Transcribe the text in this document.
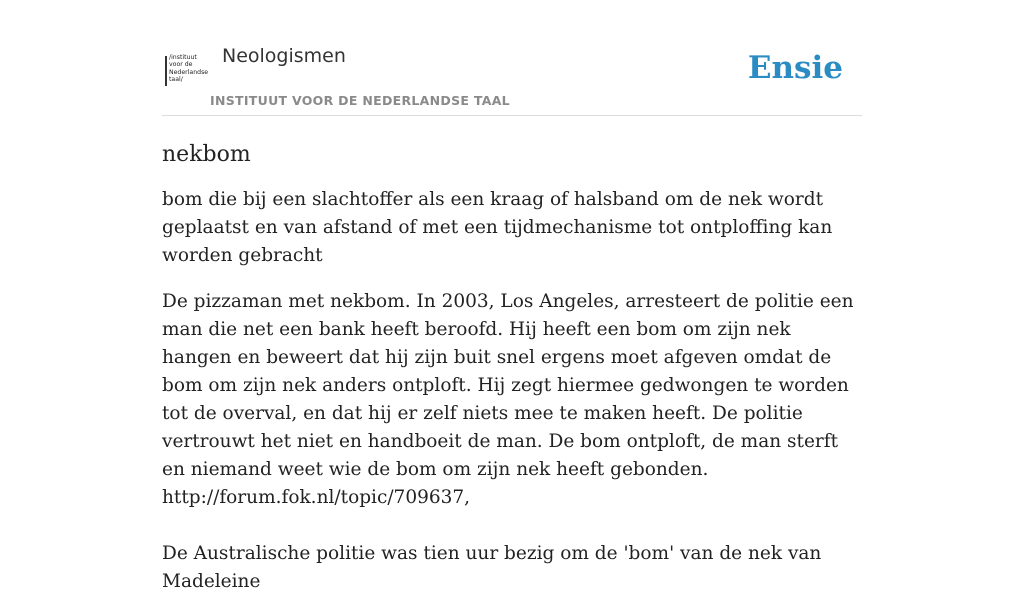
/instituut
voor de
Nederlandse
taal/
Neologismen
INSTITUUT VOOR DE NEDERLANDSE TAAL
Ensie
nekbom

bom die bij een slachtoffer als een kraag of halsband om de nek wordt geplaatst en van afstand of met een tijdmechanisme tot ontploffing kan worden gebracht

De pizzaman met nekbom. In 2003, Los Angeles, arresteert de politie een man die net een bank heeft beroofd. Hij heeft een bom om zijn nek hangen en beweert dat hij zijn buit snel ergens moet afgeven omdat de bom om zijn nek anders ontploft. Hij zegt hiermee gedwongen te worden tot de overval, en dat hij er zelf niets mee te maken heeft. De politie vertrouwt het niet en handboeit de man. De bom ontploft, de man sterft en niemand weet wie de bom om zijn nek heeft gebonden.
http://forum.fok.nl/topic/709637,

De Australische politie was tien uur bezig om de 'bom' van de nek van Madeleine
